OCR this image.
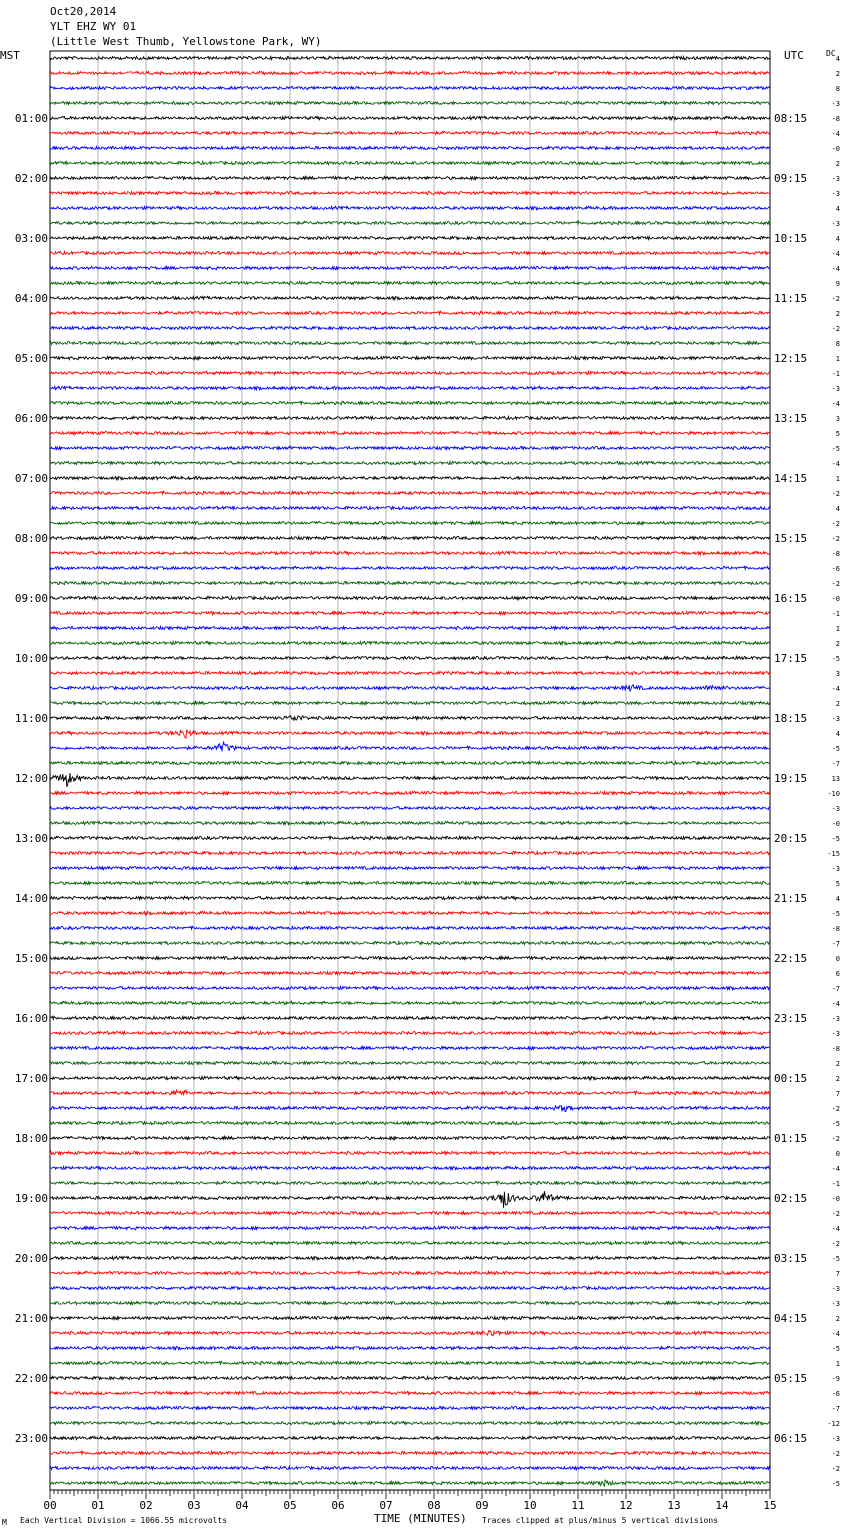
Oct20,2014
YLT EHZ WY 01
(Little West Thumb, Yellowstone Park, WY)
MST	UTC	DC
4
2
8
-3
-8
-4
-0
2
-3
-3
4
-3
4
-4
-4
9
-2
2
-2
8
1
-1
-3
-4
3
5
-5
-4
1
-2
4
-2
-2
-8
-6
-2
-0
-1
1
2
-5
3
-4
2
-3
4
-5
-7
13
-10
-3
-0
-5
-15
-3
5
4
-5
-8
-7
0
6
-7
-4
-3
-3
-8
2
2
7
-2
-5
-2
0
-4
-1
-0
-2
-4
-2
-5
7
-3
-3
2
-4
-5
1
-9
-6
-7
-12
-3
-2
-2
-5
01:00	08:15
02:00	09:15
03:00	10:15
04:00	11:15
05:00	12:15
06:00	13:15
07:00	14:15
08:00	15:15
09:00	16:15
10:00	17:15
11:00	18:15
12:00	19:15
13:00	20:15
14:00	21:15
15:00	22:15
16:00	23:15
17:00	00:15
18:00	01:15
19:00	02:15
20:00	03:15
21:00	04:15
22:00	05:15
23:00	06:15
00	01	02	03	04	05	06	07	08	09	10	11	12	13	14	15
M Each Vertical Division = 1066.55 microvolts	TIME (MINUTES) Traces clipped at plus/minus 5 vertical divisions
